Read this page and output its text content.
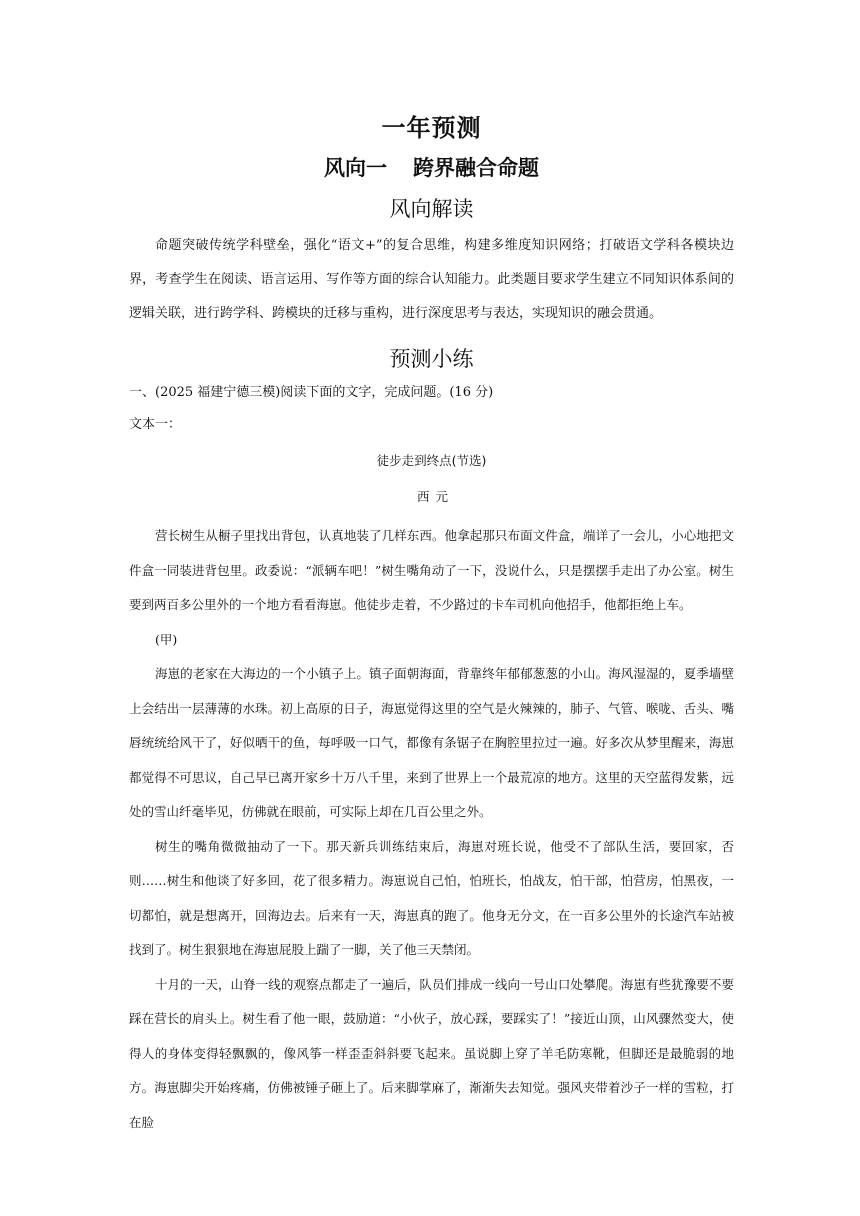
一年预测
风向一 跨界融合命题
风向解读

命题突破传统学科壁垒，强化“语文+”的复合思维，构建多维度知识网络；打破语文学科各模块边界，考查学生在阅读、语言运用、写作等方面的综合认知能力。此类题目要求学生建立不同知识体系间的逻辑关联，进行跨学科、跨模块的迁移与重构，进行深度思考与表达，实现知识的融会贯通。

预测小练

一、(2025 福建宁德三模)阅读下面的文字，完成问题。(16 分)

文本一：

徒步走到终点(节选)

西元

营长树生从橱子里找出背包，认真地装了几样东西。他拿起那只布面文件盒，端详了一会儿，小心地把文件盒一同装进背包里。政委说：“派辆车吧！”树生嘴角动了一下，没说什么，只是摆摆手走出了办公室。树生要到两百多公里外的一个地方看看海崽。他徒步走着，不少路过的卡车司机向他招手，他都拒绝上车。

(甲)

海崽的老家在大海边的一个小镇子上。镇子面朝海面，背靠终年郁郁葱葱的小山。海风湿湿的，夏季墙壁上会结出一层薄薄的水珠。初上高原的日子，海崽觉得这里的空气是火辣辣的，肺子、气管、喉咙、舌头、嘴唇统统给风干了，好似晒干的鱼，每呼吸一口气，都像有条锯子在胸腔里拉过一遍。好多次从梦里醒来，海崽都觉得不可思议，自己早已离开家乡十万八千里，来到了世界上一个最荒凉的地方。这里的天空蓝得发紫，远处的雪山纤毫毕见，仿佛就在眼前，可实际上却在几百公里之外。

树生的嘴角微微抽动了一下。那天新兵训练结束后，海崽对班长说，他受不了部队生活，要回家，否则……树生和他谈了好多回，花了很多精力。海崽说自己怕，怕班长，怕战友，怕干部，怕营房，怕黑夜，一切都怕，就是想离开，回海边去。后来有一天，海崽真的跑了。他身无分文，在一百多公里外的长途汽车站被找到了。树生狠狠地在海崽屁股上踹了一脚，关了他三天禁闭。

十月的一天，山脊一线的观察点都走了一遍后，队员们排成一线向一号山口处攀爬。海崽有些犹豫要不要踩在营长的肩头上。树生看了他一眼，鼓励道：“小伙子，放心踩，要踩实了！”接近山顶，山风骤然变大，使得人的身体变得轻飘飘的，像风筝一样歪歪斜斜要飞起来。虽说脚上穿了羊毛防寒靴，但脚还是最脆弱的地方。海崽脚尖开始疼痛，仿佛被锤子砸上了。后来脚掌麻了，渐渐失去知觉。强风夹带着沙子一样的雪粒，打在脸
